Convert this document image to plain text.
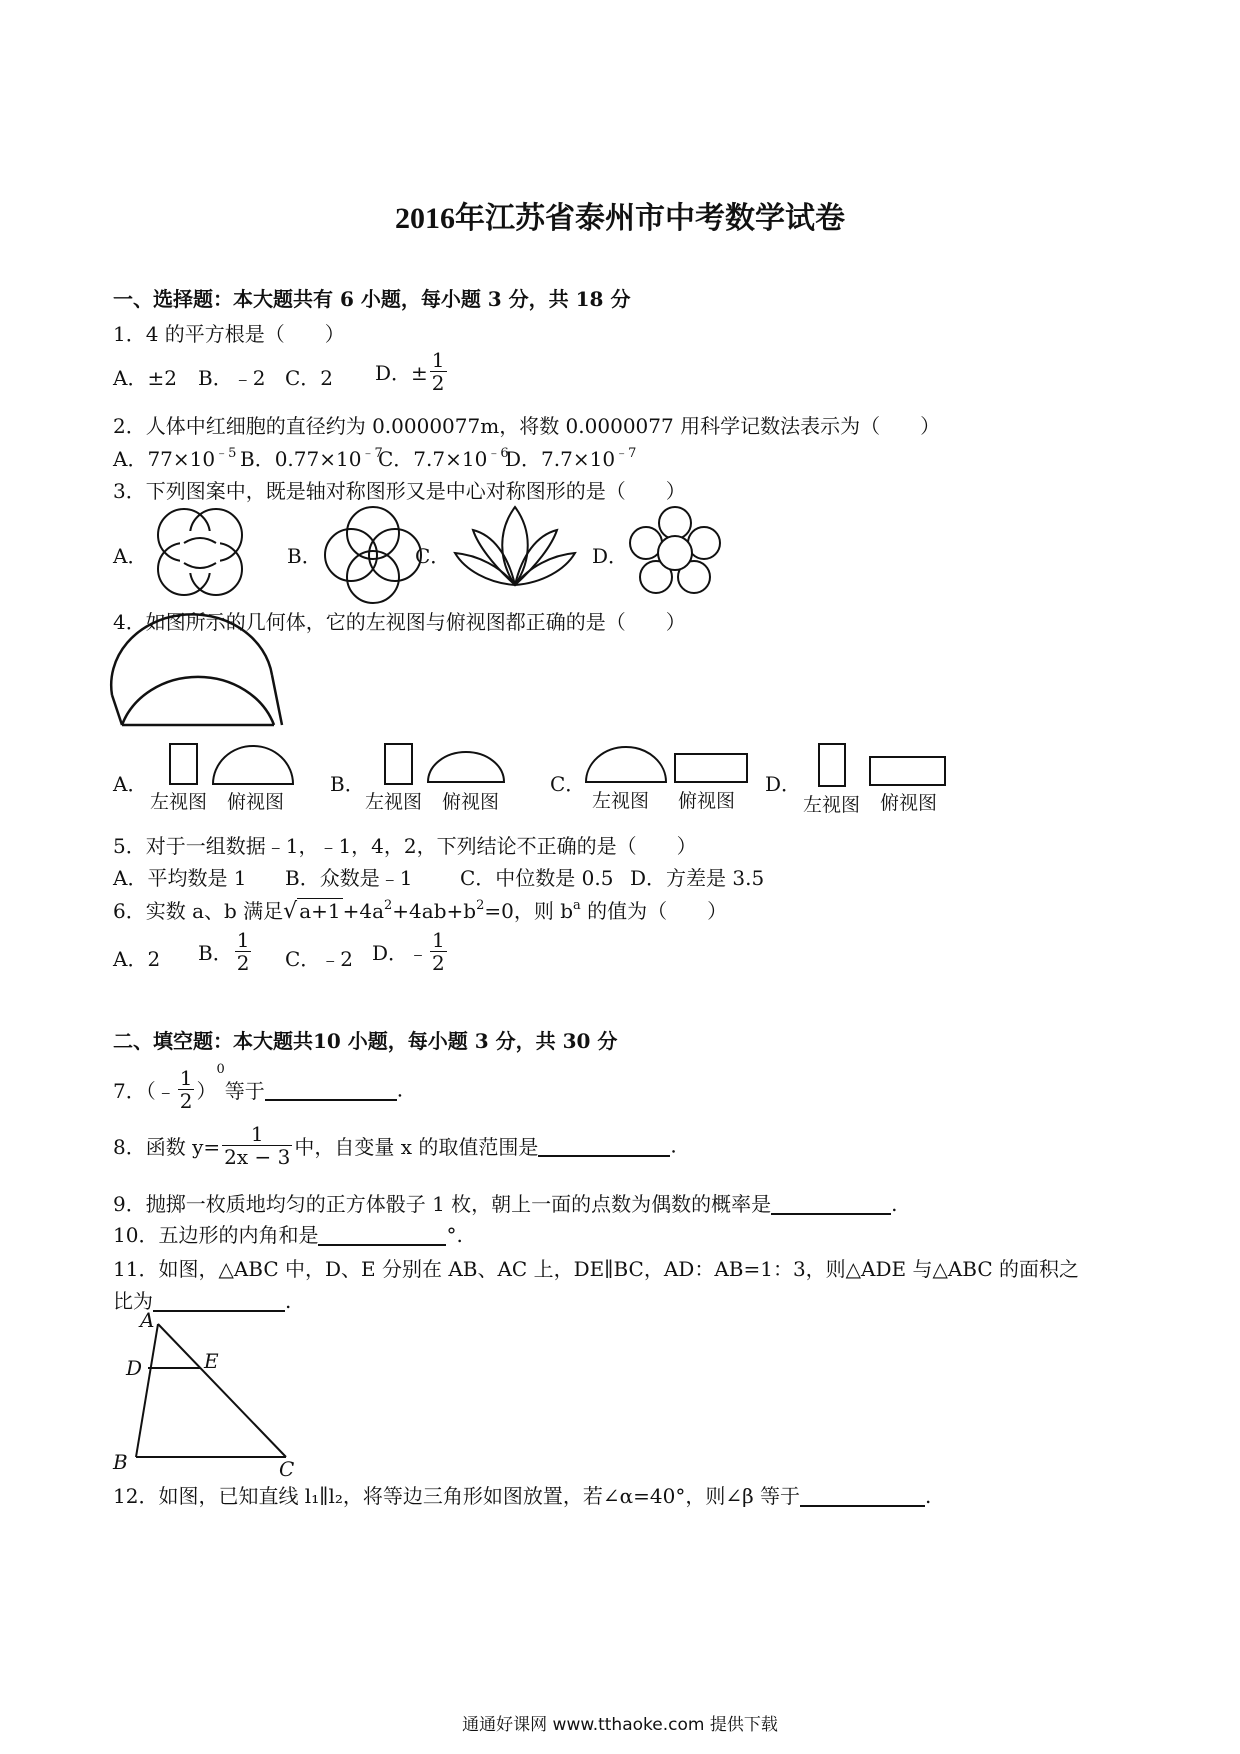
2016年江苏省泰州市中考数学试卷
一、选择题：本大题共有 6 小题，每小题 3 分，共 18 分
1．4 的平方根是（　　）
A．±2 B．﹣2 C．2 D．± $\frac{1}{2}$
2．人体中红细胞的直径约为 0.0000077m，将数 0.0000077 用科学记数法表示为（　　）
A．$77\times 10^{﹣5}$ B．$0.77\times 10^{﹣7}$
C．$7.7\times 10^{﹣6}$
D．$7.7\times 10^{﹣7}$
3．下列图案中，既是轴对称图形又是中心对称图形的是（　　）
A．	B．	C．	D．
4．如图所示的几何体，它的左视图与俯视图都正确的是（　　）
A．
左视图 俯视图
B．
左视图 俯视图
C．
左视图 俯视图
D．
左视图 俯视图
5．对于一组数据﹣1，﹣1，4，2，下列结论不正确的是（　　）
A．平均数是 1 B．众数是﹣1 C．中位数是 0.5 D．方差是 3.5
6．实数 a、b 满足√ $a+1 +4a^2+4ab+b^2=0$，则 $b^a$ 的值为（　　）
A．2 B． $\frac{1}{2}$ C．﹣2 D．﹣ $\frac{1}{2}$
二、填空题：本大题共10 小题，每小题 3 分，共 30 分
7．（﹣ $\frac{1}{2} )^0$等于	.
8．函数 $y= \frac{1}{2x - 3}$ 中，自变量 x 的取值范围是	.
9．抛掷一枚质地均匀的正方体骰子 1 枚，朝上一面的点数为偶数的概率是	.
10．五边形的内角和是	°.
11．如图，△ABC 中，D、E 分别在 AB、AC 上，DE∥BC，AD：AB=1：3，则△ADE 与△ABC 的面积之
比为	.
A
D	E
B	C
12．如图，已知直线 l₁∥l₂，将等边三角形如图放置，若∠α=40°，则∠β 等于	.
通通好课网 www.tthaoke.com 提供下载
